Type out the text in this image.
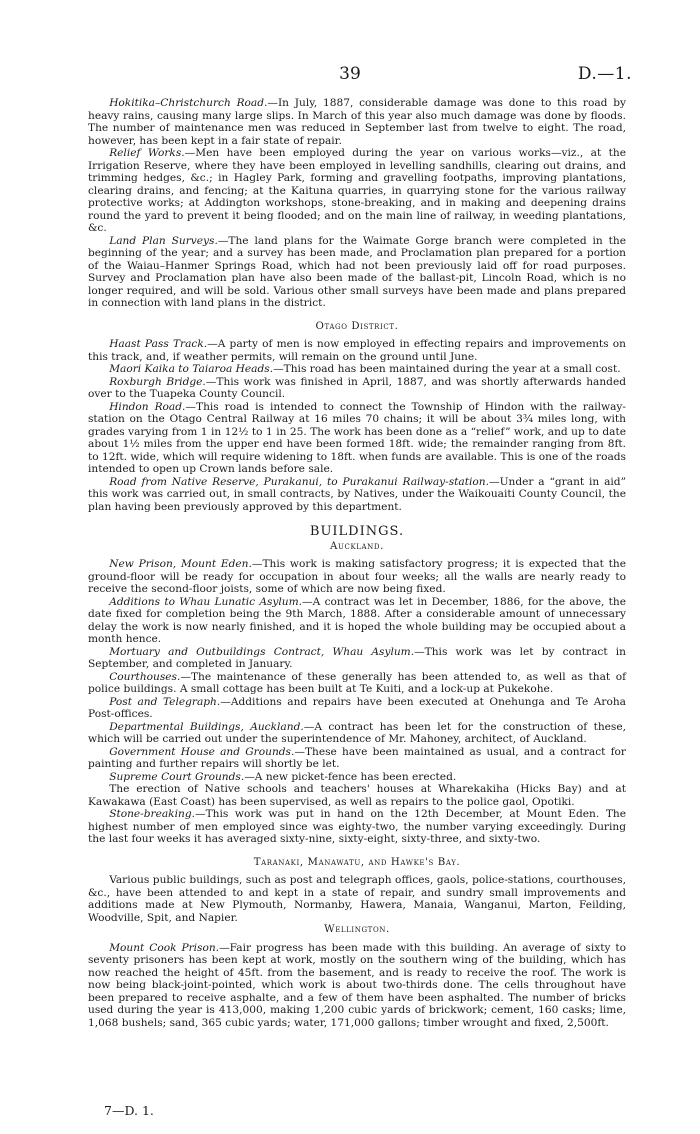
39	D.—1.

Hokitika–Christchurch Road.—In July, 1887, considerable damage was done to this road by heavy rains, causing many large slips. In March of this year also much damage was done by floods. The number of maintenance men was reduced in September last from twelve to eight. The road, however, has been kept in a fair state of repair.

Relief Works.—Men have been employed during the year on various works—viz., at the Irrigation Reserve, where they have been employed in levelling sandhills, clearing out drains, and trimming hedges, &c.; in Hagley Park, forming and gravelling footpaths, improving plantations, clearing drains, and fencing; at the Kaituna quarries, in quarrying stone for the various railway protective works; at Addington workshops, stone-breaking, and in making and deepening drains round the yard to prevent it being flooded; and on the main line of railway, in weeding plantations, &c.

Land Plan Surveys.—The land plans for the Waimate Gorge branch were completed in the beginning of the year; and a survey has been made, and Proclamation plan prepared for a portion of the Waiau–Hanmer Springs Road, which had not been previously laid off for road purposes. Survey and Proclamation plan have also been made of the ballast-pit, Lincoln Road, which is no longer required, and will be sold. Various other small surveys have been made and plans prepared in connection with land plans in the district.

Otago District.

Haast Pass Track.—A party of men is now employed in effecting repairs and improvements on this track, and, if weather permits, will remain on the ground until June.

Maori Kaika to Taiaroa Heads.—This road has been maintained during the year at a small cost.

Roxburgh Bridge.—This work was finished in April, 1887, and was shortly afterwards handed over to the Tuapeka County Council.

Hindon Road.—This road is intended to connect the Township of Hindon with the railway-station on the Otago Central Railway at 16 miles 70 chains; it will be about 3¾ miles long, with grades varying from 1 in 12½ to 1 in 25. The work has been done as a “relief” work, and up to date about 1½ miles from the upper end have been formed 18ft. wide; the remainder ranging from 8ft. to 12ft. wide, which will require widening to 18ft. when funds are available. This is one of the roads intended to open up Crown lands before sale.

Road from Native Reserve, Purakanui, to Purakanui Railway-station.—Under a “grant in aid” this work was carried out, in small contracts, by Natives, under the Waikouaiti County Council, the plan having been previously approved by this department.

BUILDINGS.
Auckland.

New Prison, Mount Eden.—This work is making satisfactory progress; it is expected that the ground-floor will be ready for occupation in about four weeks; all the walls are nearly ready to receive the second-floor joists, some of which are now being fixed.

Additions to Whau Lunatic Asylum.—A contract was let in December, 1886, for the above, the date fixed for completion being the 9th March, 1888. After a considerable amount of unnecessary delay the work is now nearly finished, and it is hoped the whole building may be occupied about a month hence.

Mortuary and Outbuildings Contract, Whau Asylum.—This work was let by contract in September, and completed in January.

Courthouses.—The maintenance of these generally has been attended to, as well as that of police buildings. A small cottage has been built at Te Kuiti, and a lock-up at Pukekohe.

Post and Telegraph.—Additions and repairs have been executed at Onehunga and Te Aroha Post-offices.

Departmental Buildings, Auckland.—A contract has been let for the construction of these, which will be carried out under the superintendence of Mr. Mahoney, architect, of Auckland.

Government House and Grounds.—These have been maintained as usual, and a contract for painting and further repairs will shortly be let.

Supreme Court Grounds.—A new picket-fence has been erected.

The erection of Native schools and teachers' houses at Wharekakiha (Hicks Bay) and at Kawakawa (East Coast) has been supervised, as well as repairs to the police gaol, Opotiki.

Stone-breaking.—This work was put in hand on the 12th December, at Mount Eden. The highest number of men employed since was eighty-two, the number varying exceedingly. During the last four weeks it has averaged sixty-nine, sixty-eight, sixty-three, and sixty-two.

Taranaki, Manawatu, and Hawke's Bay.

Various public buildings, such as post and telegraph offices, gaols, police-stations, courthouses, &c., have been attended to and kept in a state of repair, and sundry small improvements and additions made at New Plymouth, Normanby, Hawera, Manaia, Wanganui, Marton, Feilding, Woodville, Spit, and Napier.

Wellington.

Mount Cook Prison.—Fair progress has been made with this building. An average of sixty to seventy prisoners has been kept at work, mostly on the southern wing of the building, which has now reached the height of 45ft. from the basement, and is ready to receive the roof. The work is now being black-joint-pointed, which work is about two-thirds done. The cells throughout have been prepared to receive asphalte, and a few of them have been asphalted. The number of bricks used during the year is 413,000, making 1,200 cubic yards of brickwork; cement, 160 casks; lime, 1,068 bushels; sand, 365 cubic yards; water, 171,000 gallons; timber wrought and fixed, 2,500ft.

7—D. 1.
